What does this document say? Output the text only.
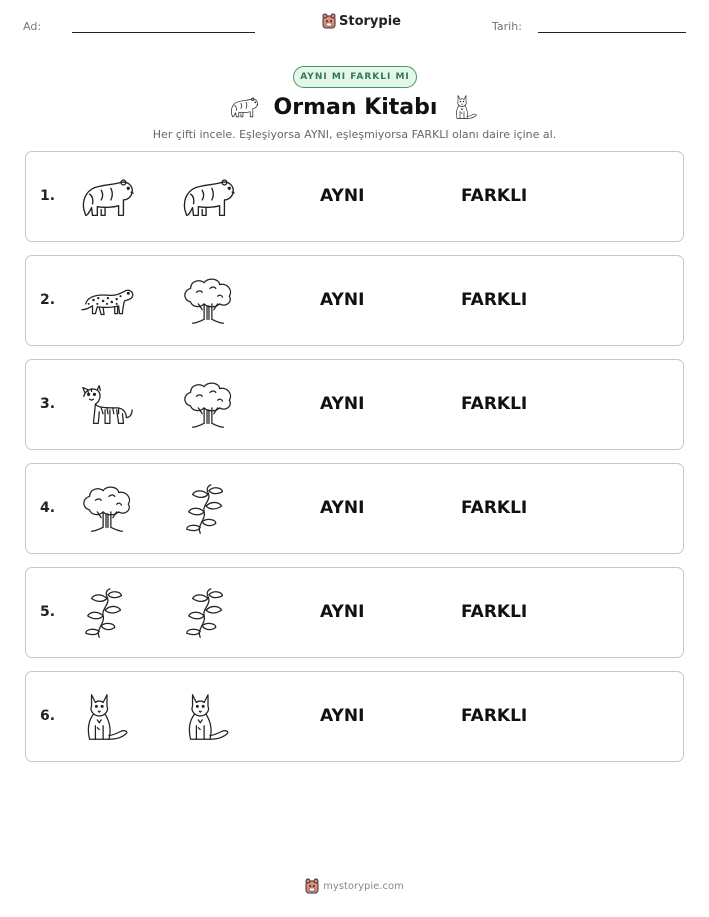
Ad:	Storypie	Tarih:
AYNI MI FARKLI MI
Orman Kitabı
Her çifti incele. Eşleşiyorsa AYNI, eşleşmiyorsa FARKLI olanı daire içine al.
1.	AYNI	FARKLI
2.	AYNI	FARKLI
3.	AYNI	FARKLI
4.	AYNI	FARKLI
5.	AYNI	FARKLI
6.	AYNI	FARKLI
mystorypie.com
